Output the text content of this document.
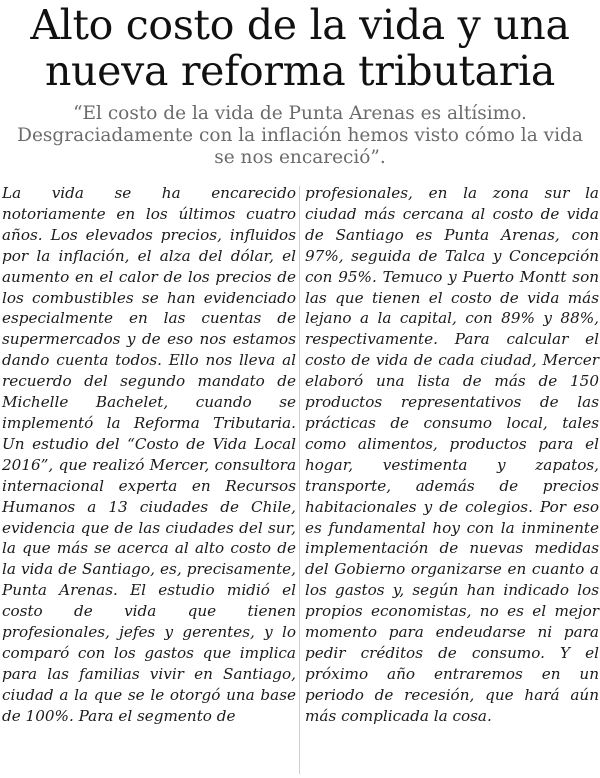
Alto costo de la vida y una nueva reforma tributaria

“El costo de la vida de Punta Arenas es altísimo. Desgraciadamente con la inflación hemos visto cómo la vida se nos encareció”.

La vida se ha encarecido notoriamente en los últimos cuatro años. Los elevados precios, influidos por la inflación, el alza del dólar, el aumento en el calor de los precios de los combustibles se han evidenciado especialmente en las cuentas de supermercados y de eso nos estamos dando cuenta todos. Ello nos lleva al recuerdo del segundo mandato de Michelle Bachelet, cuando se implementó la Reforma Tributaria. Un estudio del “Costo de Vida Local 2016”, que realizó Mercer, consultora internacional experta en Recursos Humanos a 13 ciudades de Chile, evidencia que de las ciudades del sur, la que más se acerca al alto costo de la vida de Santiago, es, precisamente, Punta Arenas. El estudio midió el costo de vida que tienen profesionales, jefes y gerentes, y lo comparó con los gastos que implica para las familias vivir en Santiago, ciudad a la que se le otorgó una base de 100%. Para el segmento de

profesionales, en la zona sur la ciudad más cercana al costo de vida de Santiago es Punta Arenas, con 97%, seguida de Talca y Concepción con 95%. Temuco y Puerto Montt son las que tienen el costo de vida más lejano a la capital, con 89% y 88%, respectivamente. Para calcular el costo de vida de cada ciudad, Mercer elaboró una lista de más de 150 productos representativos de las prácticas de consumo local, tales como alimentos, productos para el hogar, vestimenta y zapatos, transporte, además de precios habitacionales y de colegios. Por eso es fundamental hoy con la inminente implementación de nuevas medidas del Gobierno organizarse en cuanto a los gastos y, según han indicado los propios economistas, no es el mejor momento para endeudarse ni para pedir créditos de consumo. Y el próximo año entraremos en un periodo de recesión, que hará aún más complicada la cosa.
